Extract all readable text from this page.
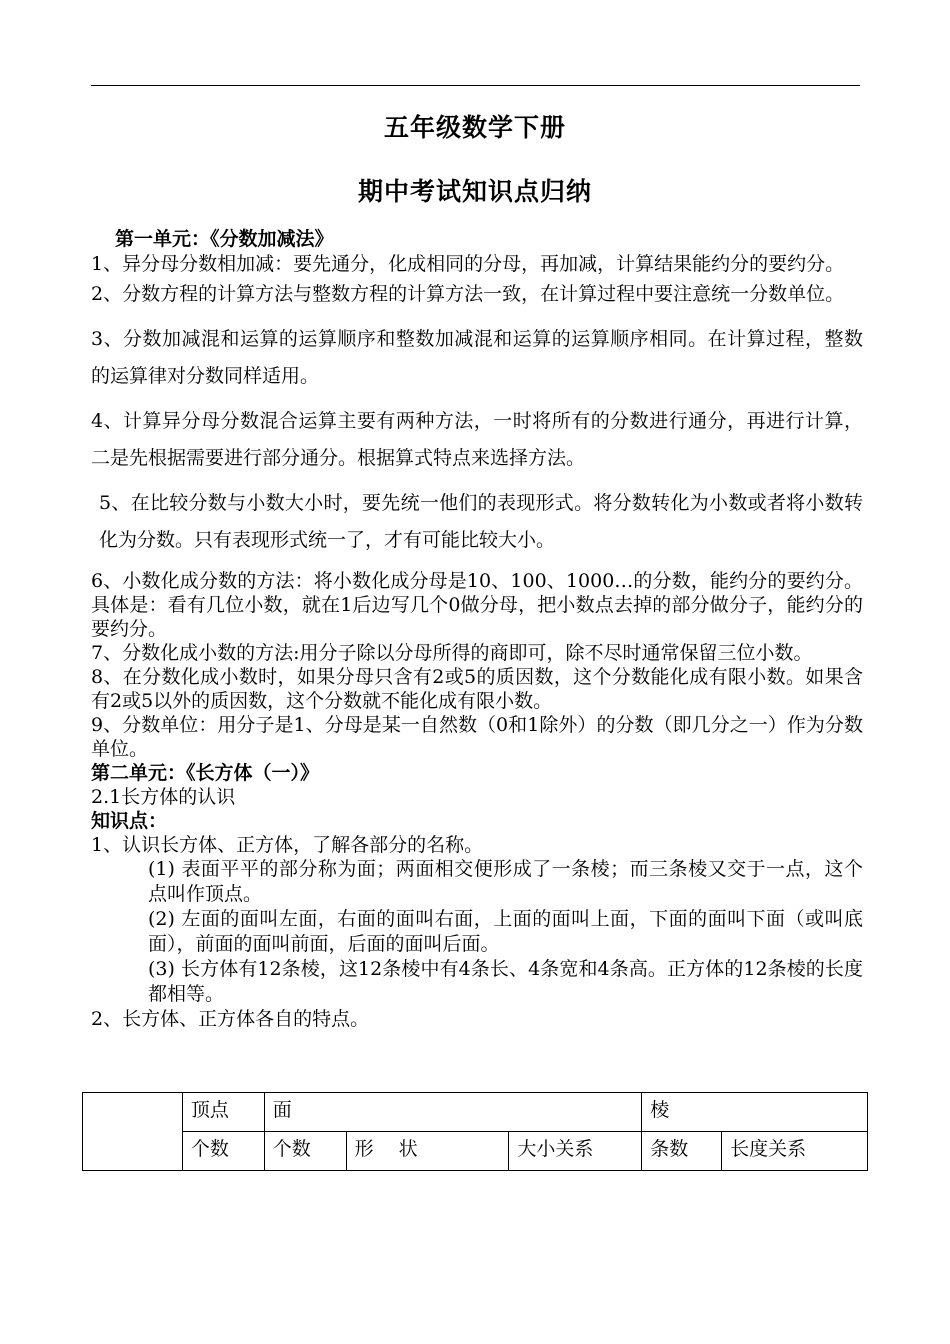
五年级数学下册
期中考试知识点归纳

第一单元：《分数加减法》

1、异分母分数相加减：要先通分，化成相同的分母，再加减，计算结果能约分的要约分。

2、分数方程的计算方法与整数方程的计算方法一致，在计算过程中要注意统一分数单位。

3、分数加减混和运算的运算顺序和整数加减混和运算的运算顺序相同。在计算过程，整数的运算律对分数同样适用。

4、计算异分母分数混合运算主要有两种方法，一时将所有的分数进行通分，再进行计算，二是先根据需要进行部分通分。根据算式特点来选择方法。

5、在比较分数与小数大小时，要先统一他们的表现形式。将分数转化为小数或者将小数转化为分数。只有表现形式统一了，才有可能比较大小。

6、小数化成分数的方法：将小数化成分母是10、100、1000…的分数，能约分的要约分。具体是：看有几位小数，就在1后边写几个0做分母，把小数点去掉的部分做分子，能约分的要约分。

7、分数化成小数的方法:用分子除以分母所得的商即可，除不尽时通常保留三位小数。

8、在分数化成小数时，如果分母只含有2或5的质因数，这个分数能化成有限小数。如果含有2或5以外的质因数，这个分数就不能化成有限小数。

9、分数单位：用分子是1、分母是某一自然数（0和1除外）的分数（即几分之一）作为分数单位。

第二单元：《长方体（一）》

2.1长方体的认识

知识点：

1、认识长方体、正方体，了解各部分的名称。

(1) 表面平平的部分称为面；两面相交便形成了一条棱；而三条棱又交于一点，这个点叫作顶点。

(2) 左面的面叫左面，右面的面叫右面，上面的面叫上面，下面的面叫下面（或叫底面），前面的面叫前面，后面的面叫后面。

(3) 长方体有12条棱，这12条棱中有4条长、4条宽和4条高。正方体的12条棱的长度都相等。

2、长方体、正方体各自的特点。

	顶点	面			棱	
	个数	个数	形　 状	大小关系	条数	长度关系
